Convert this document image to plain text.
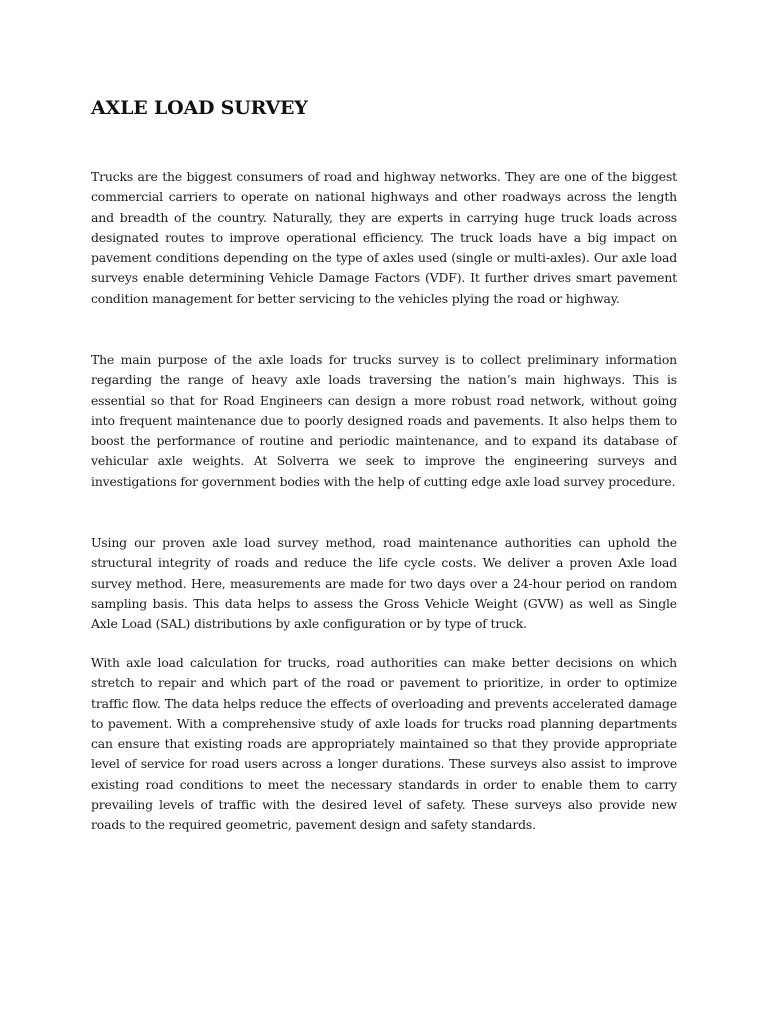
AXLE LOAD SURVEY

Trucks are the biggest consumers of road and highway networks. They are one of the biggest commercial carriers to operate on national highways and other roadways across the length and breadth of the country. Naturally, they are experts in carrying huge truck loads across designated routes to improve operational efficiency. The truck loads have a big impact on pavement conditions depending on the type of axles used (single or multi-axles). Our axle load surveys enable determining Vehicle Damage Factors (VDF). It further drives smart pavement condition management for better servicing to the vehicles plying the road or highway.

The main purpose of the axle loads for trucks survey is to collect preliminary information regarding the range of heavy axle loads traversing the nation’s main highways. This is essential so that for Road Engineers can design a more robust road network, without going into frequent maintenance due to poorly designed roads and pavements. It also helps them to boost the performance of routine and periodic maintenance, and to expand its database of vehicular axle weights. At Solverra we seek to improve the engineering surveys and investigations for government bodies with the help of cutting edge axle load survey procedure.

Using our proven axle load survey method, road maintenance authorities can uphold the structural integrity of roads and reduce the life cycle costs. We deliver a proven Axle load survey method. Here, measurements are made for two days over a 24-hour period on random sampling basis. This data helps to assess the Gross Vehicle Weight (GVW) as well as Single Axle Load (SAL) distributions by axle configuration or by type of truck.

With axle load calculation for trucks, road authorities can make better decisions on which stretch to repair and which part of the road or pavement to prioritize, in order to optimize traffic flow. The data helps reduce the effects of overloading and prevents accelerated damage to pavement. With a comprehensive study of axle loads for trucks road planning departments can ensure that existing roads are appropriately maintained so that they provide appropriate level of service for road users across a longer durations. These surveys also assist to improve existing road conditions to meet the necessary standards in order to enable them to carry prevailing levels of traffic with the desired level of safety. These surveys also provide new roads to the required geometric, pavement design and safety standards.
